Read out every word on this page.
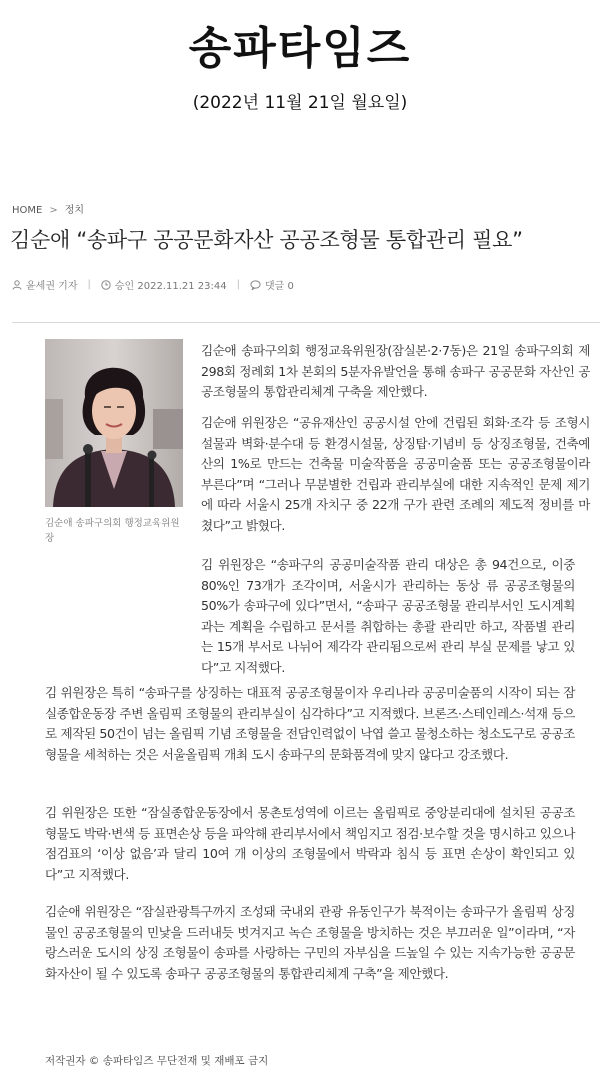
송파타임즈
(2022년 11월 21일 월요일)
HOME > 정치
김순애 “송파구 공공문화자산 공공조형물 통합관리 필요”
윤세권 기자 | 승인 2022.11.21 23:44 |	댓글 0
김순애 송파구의회 행정교육위원장

김순애 송파구의회 행정교육위원장(잠실본·2·7동)은 21일 송파구의회 제298회 정례회 1차 본회의 5분자유발언을 통해 송파구 공공문화 자산인 공공조형물의 통합관리체계 구축을 제안했다.

김순애 위원장은 “공유재산인 공공시설 안에 건립된 회화·조각 등 조형시설물과 벽화·분수대 등 환경시설물, 상징탑·기념비 등 상징조형물, 건축예산의 1%로 만드는 건축물 미술작품을 공공미술품 또는 공공조형물이라 부른다”며 “그러나 무분별한 건립과 관리부실에 대한 지속적인 문제 제기에 따라 서울시 25개 자치구 중 22개 구가 관련 조례의 제도적 정비를 마쳤다”고 밝혔다.

김 위원장은 “송파구의 공공미술작품 관리 대상은 총 94건으로, 이중 80%인 73개가 조각이며, 서울시가 관리하는 동상 류 공공조형물의 50%가 송파구에 있다”면서, “송파구 공공조형물 관리부서인 도시계획과는 계획을 수립하고 문서를 취합하는 총괄 관리만 하고, 작품별 관리는 15개 부서로 나뉘어 제각각 관리됨으로써 관리 부실 문제를 낳고 있다”고 지적했다.

김 위원장은 특히 “송파구를 상징하는 대표적 공공조형물이자 우리나라 공공미술품의 시작이 되는 잠실종합운동장 주변 올림픽 조형물의 관리부실이 심각하다”고 지적했다. 브론즈·스테인레스·석재 등으로 제작된 50건이 넘는 올림픽 기념 조형물을 전담인력없이 낙엽 쓸고 물청소하는 청소도구로 공공조형물을 세척하는 것은 서울올림픽 개최 도시 송파구의 문화품격에 맞지 않다고 강조했다.

김 위원장은 또한 “잠실종합운동장에서 몽촌토성역에 이르는 올림픽로 중앙분리대에 설치된 공공조형물도 박락·변색 등 표면손상 등을 파악해 관리부서에서 책임지고 점검·보수할 것을 명시하고 있으나 점검표의 ‘이상 없음’과 달리 10여 개 이상의 조형물에서 박락과 침식 등 표면 손상이 확인되고 있다”고 지적했다.

김순애 위원장은 “잠실관광특구까지 조성돼 국내외 관광 유동인구가 북적이는 송파구가 올림픽 상징물인 공공조형물의 민낯을 드러내듯 벗겨지고 녹슨 조형물을 방치하는 것은 부끄러운 일”이라며, “자랑스러운 도시의 상징 조형물이 송파를 사랑하는 구민의 자부심을 드높일 수 있는 지속가능한 공공문화자산이 될 수 있도록 송파구 공공조형물의 통합관리체계 구축”을 제안했다.

저작권자 © 송파타임즈 무단전재 및 재배포 금지
